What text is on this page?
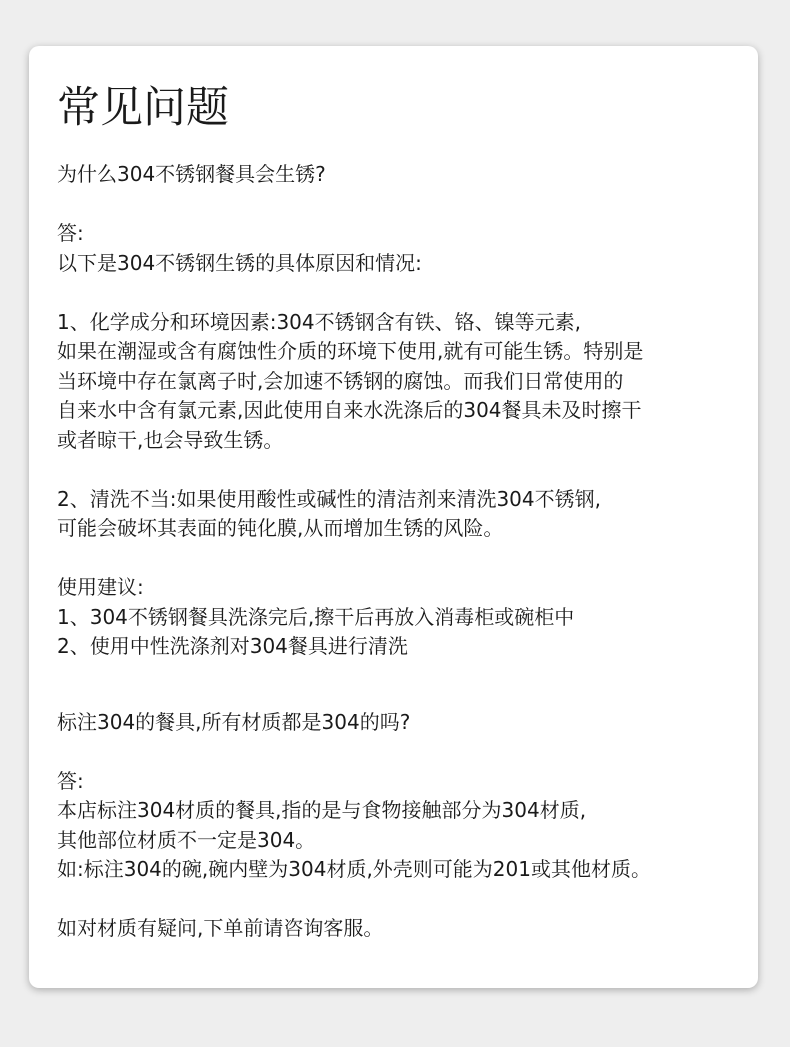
常见问题
为什么304不锈钢餐具会生锈?
答:
以下是304不锈钢生锈的具体原因和情况:
1、化学成分和环境因素:304不锈钢含有铁、铬、镍等元素,
如果在潮湿或含有腐蚀性介质的环境下使用,就有可能生锈。特别是
当环境中存在氯离子时,会加速不锈钢的腐蚀。而我们日常使用的
自来水中含有氯元素,因此使用自来水洗涤后的304餐具未及时擦干
或者晾干,也会导致生锈。
2、清洗不当:如果使用酸性或碱性的清洁剂来清洗304不锈钢,
可能会破坏其表面的钝化膜,从而增加生锈的风险。
使用建议:
1、304不锈钢餐具洗涤完后,擦干后再放入消毒柜或碗柜中
2、使用中性洗涤剂对304餐具进行清洗
标注304的餐具,所有材质都是304的吗?
答:
本店标注304材质的餐具,指的是与食物接触部分为304材质,
其他部位材质不一定是304。
如:标注304的碗,碗内壁为304材质,外壳则可能为201或其他材质。
如对材质有疑问,下单前请咨询客服。
